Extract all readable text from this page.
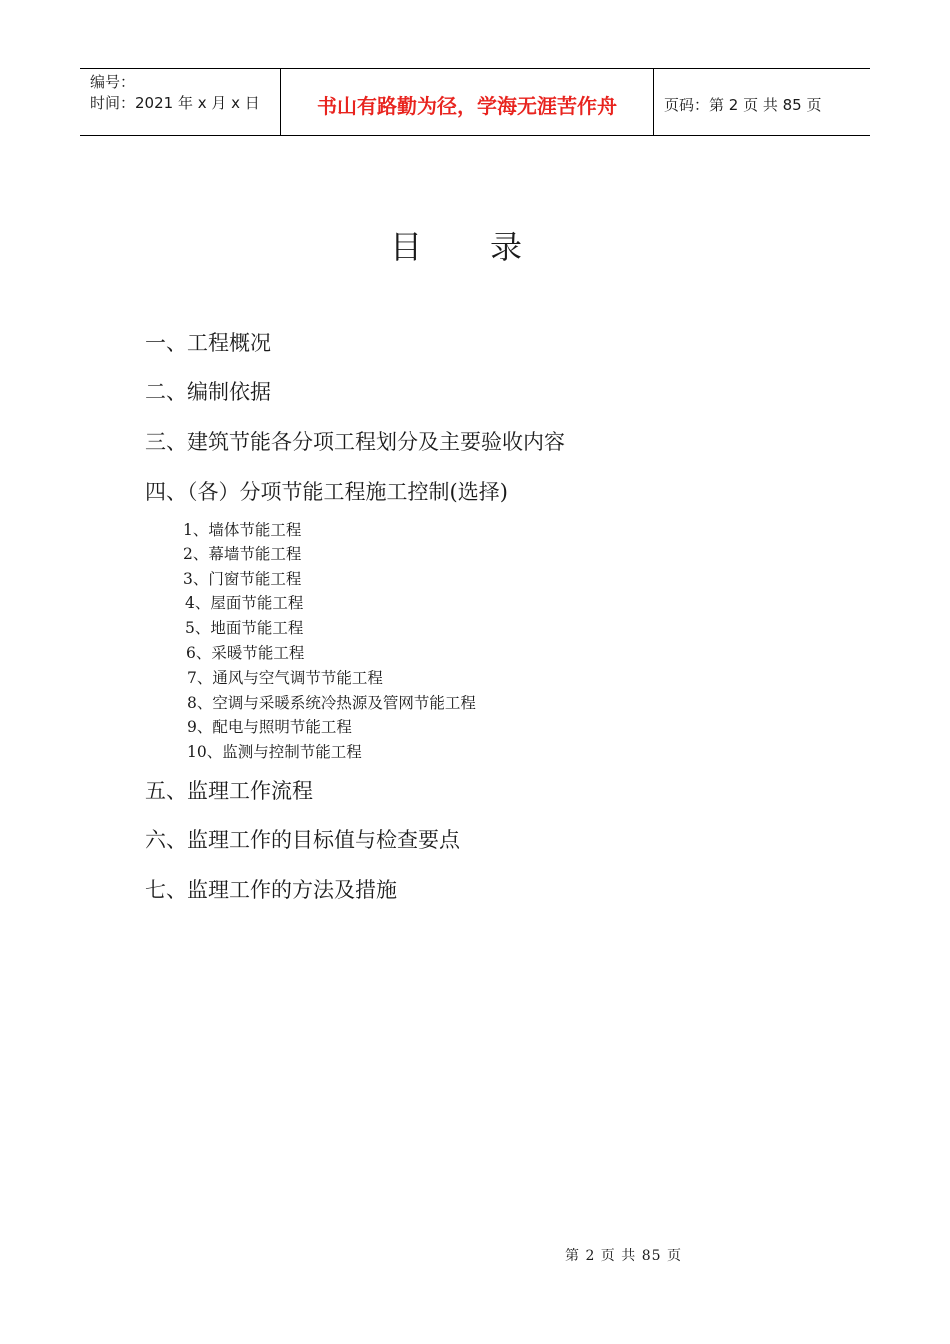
编号：
时间：2021 年 x 月 x 日	书山有路勤为径，学海无涯苦作舟	页码：第 2 页 共 85 页
目录
一、工程概况
二、编制依据
三、建筑节能各分项工程划分及主要验收内容
四、（各）分项节能工程施工控制(选择)
1、墙体节能工程
2、幕墙节能工程
3、门窗节能工程
4、屋面节能工程
5、地面节能工程
6、采暖节能工程
7、通风与空气调节节能工程
8、空调与采暖系统冷热源及管网节能工程
9、配电与照明节能工程
10、监测与控制节能工程
五、监理工作流程
六、监理工作的目标值与检查要点
七、监理工作的方法及措施
第 2 页 共 85 页
